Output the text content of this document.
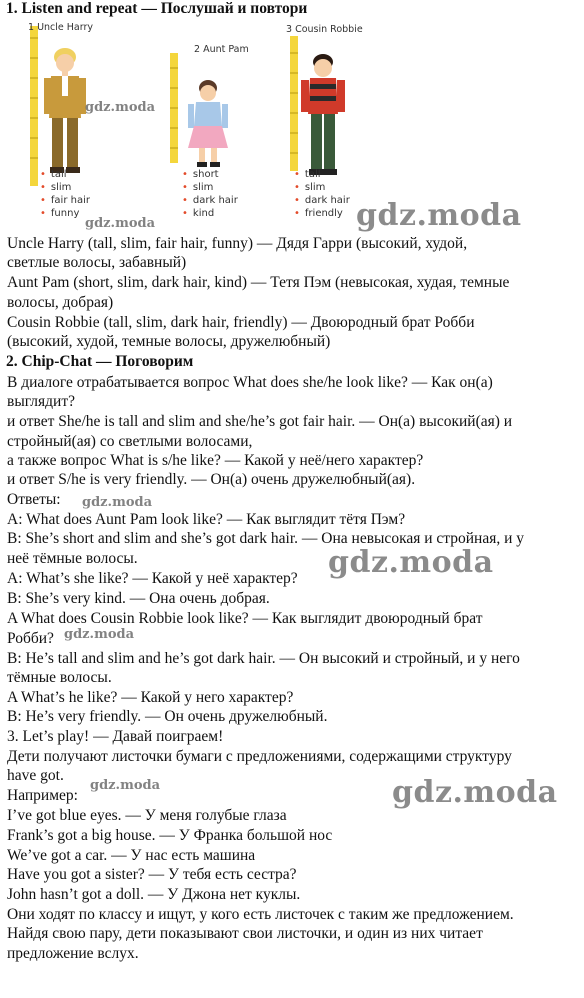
1. Listen and repeat — Послушай и повтори
1 Uncle Harry
2 Aunt Pam
3 Cousin Robbie
• tall
• slim
• fair hair
• funny
• short
• slim
• dark hair
• kind
• tall
• slim
• dark hair
• friendly
Uncle Harry (tall, slim, fair hair, funny) — Дядя Гарри (высокий, худой,
светлые волосы, забавный)
Aunt Pam (short, slim, dark hair, kind) — Тетя Пэм (невысокая, худая, темные
волосы, добрая)
Cousin Robbie (tall, slim, dark hair, friendly) — Двоюродный брат Робби
(высокий, худой, темные волосы, дружелюбный)
2. Chip-Chat — Поговорим
В диалоге отрабатывается вопрос What does she/he look like? — Как он(а)
выглядит?
и ответ She/he is tall and slim and she/he’s got fair hair. — Он(а) высокий(ая) и
стройный(ая) со светлыми волосами,
а также вопрос What is s/he like? — Какой у неё/него характер?
и ответ S/he is very friendly. — Он(а) очень дружелюбный(ая).
Ответы:
A: What does Aunt Pam look like? — Как выглядит тётя Пэм?
B: She’s short and slim and she’s got dark hair. — Она невысокая и стройная, и у
неё тёмные волосы.
A: What’s she like? — Какой у неё характер?
B: She’s very kind. — Она очень добрая.
A What does Cousin Robbie look like? — Как выглядит двоюродный брат
Робби?
B: He’s tall and slim and he’s got dark hair. — Он высокий и стройный, и у него
тёмные волосы.
A What’s he like? — Какой у него характер?
B: He’s very friendly. — Он очень дружелюбный.
3. Let’s play! — Давай поиграем!
Дети получают листочки бумаги с предложениями, содержащими структуру
have got.
Например:
I’ve got blue eyes. — У меня голубые глаза
Frank’s got a big house. — У Франка большой нос
We’ve got a car. — У нас есть машина
Have you got a sister? — У тебя есть сестра?
John hasn’t got a doll. — У Джона нет куклы.
Они ходят по классу и ищут, у кого есть листочек с таким же предложением.
Найдя свою пару, дети показывают свои листочки, и один из них читает
предложение вслух.
gdz.moda
gdz.moda	gdz.moda
gdz.moda
gdz.moda
gdz.moda
gdz.moda	gdz.moda
